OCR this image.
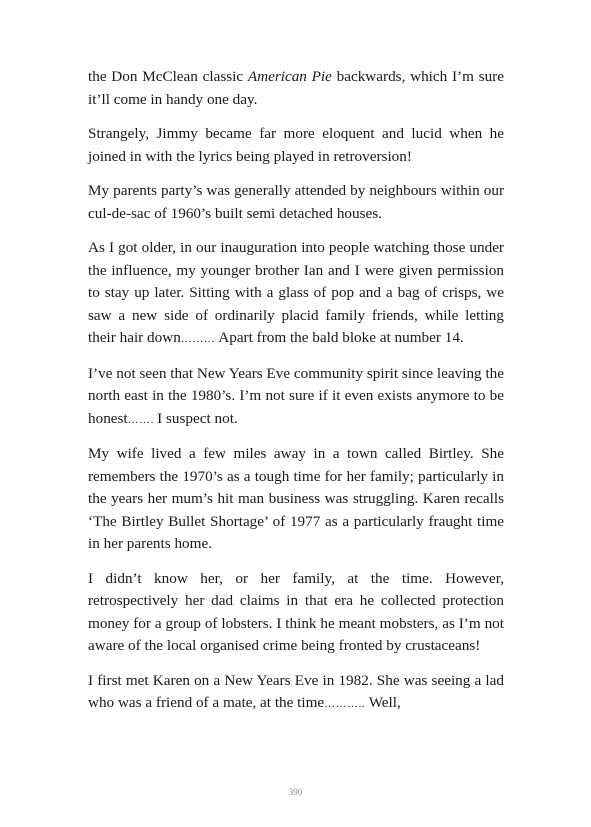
the Don McClean classic American Pie backwards, which I’m sure it’ll come in handy one day.

Strangely, Jimmy became far more eloquent and lucid when he joined in with the lyrics being played in retroversion!

My parents party’s was generally attended by neighbours within our cul-de-sac of 1960’s built semi detached houses.

As I got older, in our inauguration into people watching those under the influence, my younger brother Ian and I were given permission to stay up later. Sitting with a glass of pop and a bag of crisps, we saw a new side of ordinarily placid family friends, while letting their hair down……… Apart from the bald bloke at number 14.

I’ve not seen that New Years Eve community spirit since leaving the north east in the 1980’s. I’m not sure if it even exists anymore to be honest……. I suspect not.

My wife lived a few miles away in a town called Birtley. She remembers the 1970’s as a tough time for her family; particularly in the years her mum’s hit man business was struggling. Karen recalls ‘The Birtley Bullet Shortage’ of 1977 as a particularly fraught time in her parents home.

I didn’t know her, or her family, at the time. However, retrospectively her dad claims in that era he collected protection money for a group of lobsters. I think he meant mobsters, as I’m not aware of the local organised crime being fronted by crustaceans!

I first met Karen on a New Years Eve in 1982. She was seeing a lad who was a friend of a mate, at the time……….. Well,

390
